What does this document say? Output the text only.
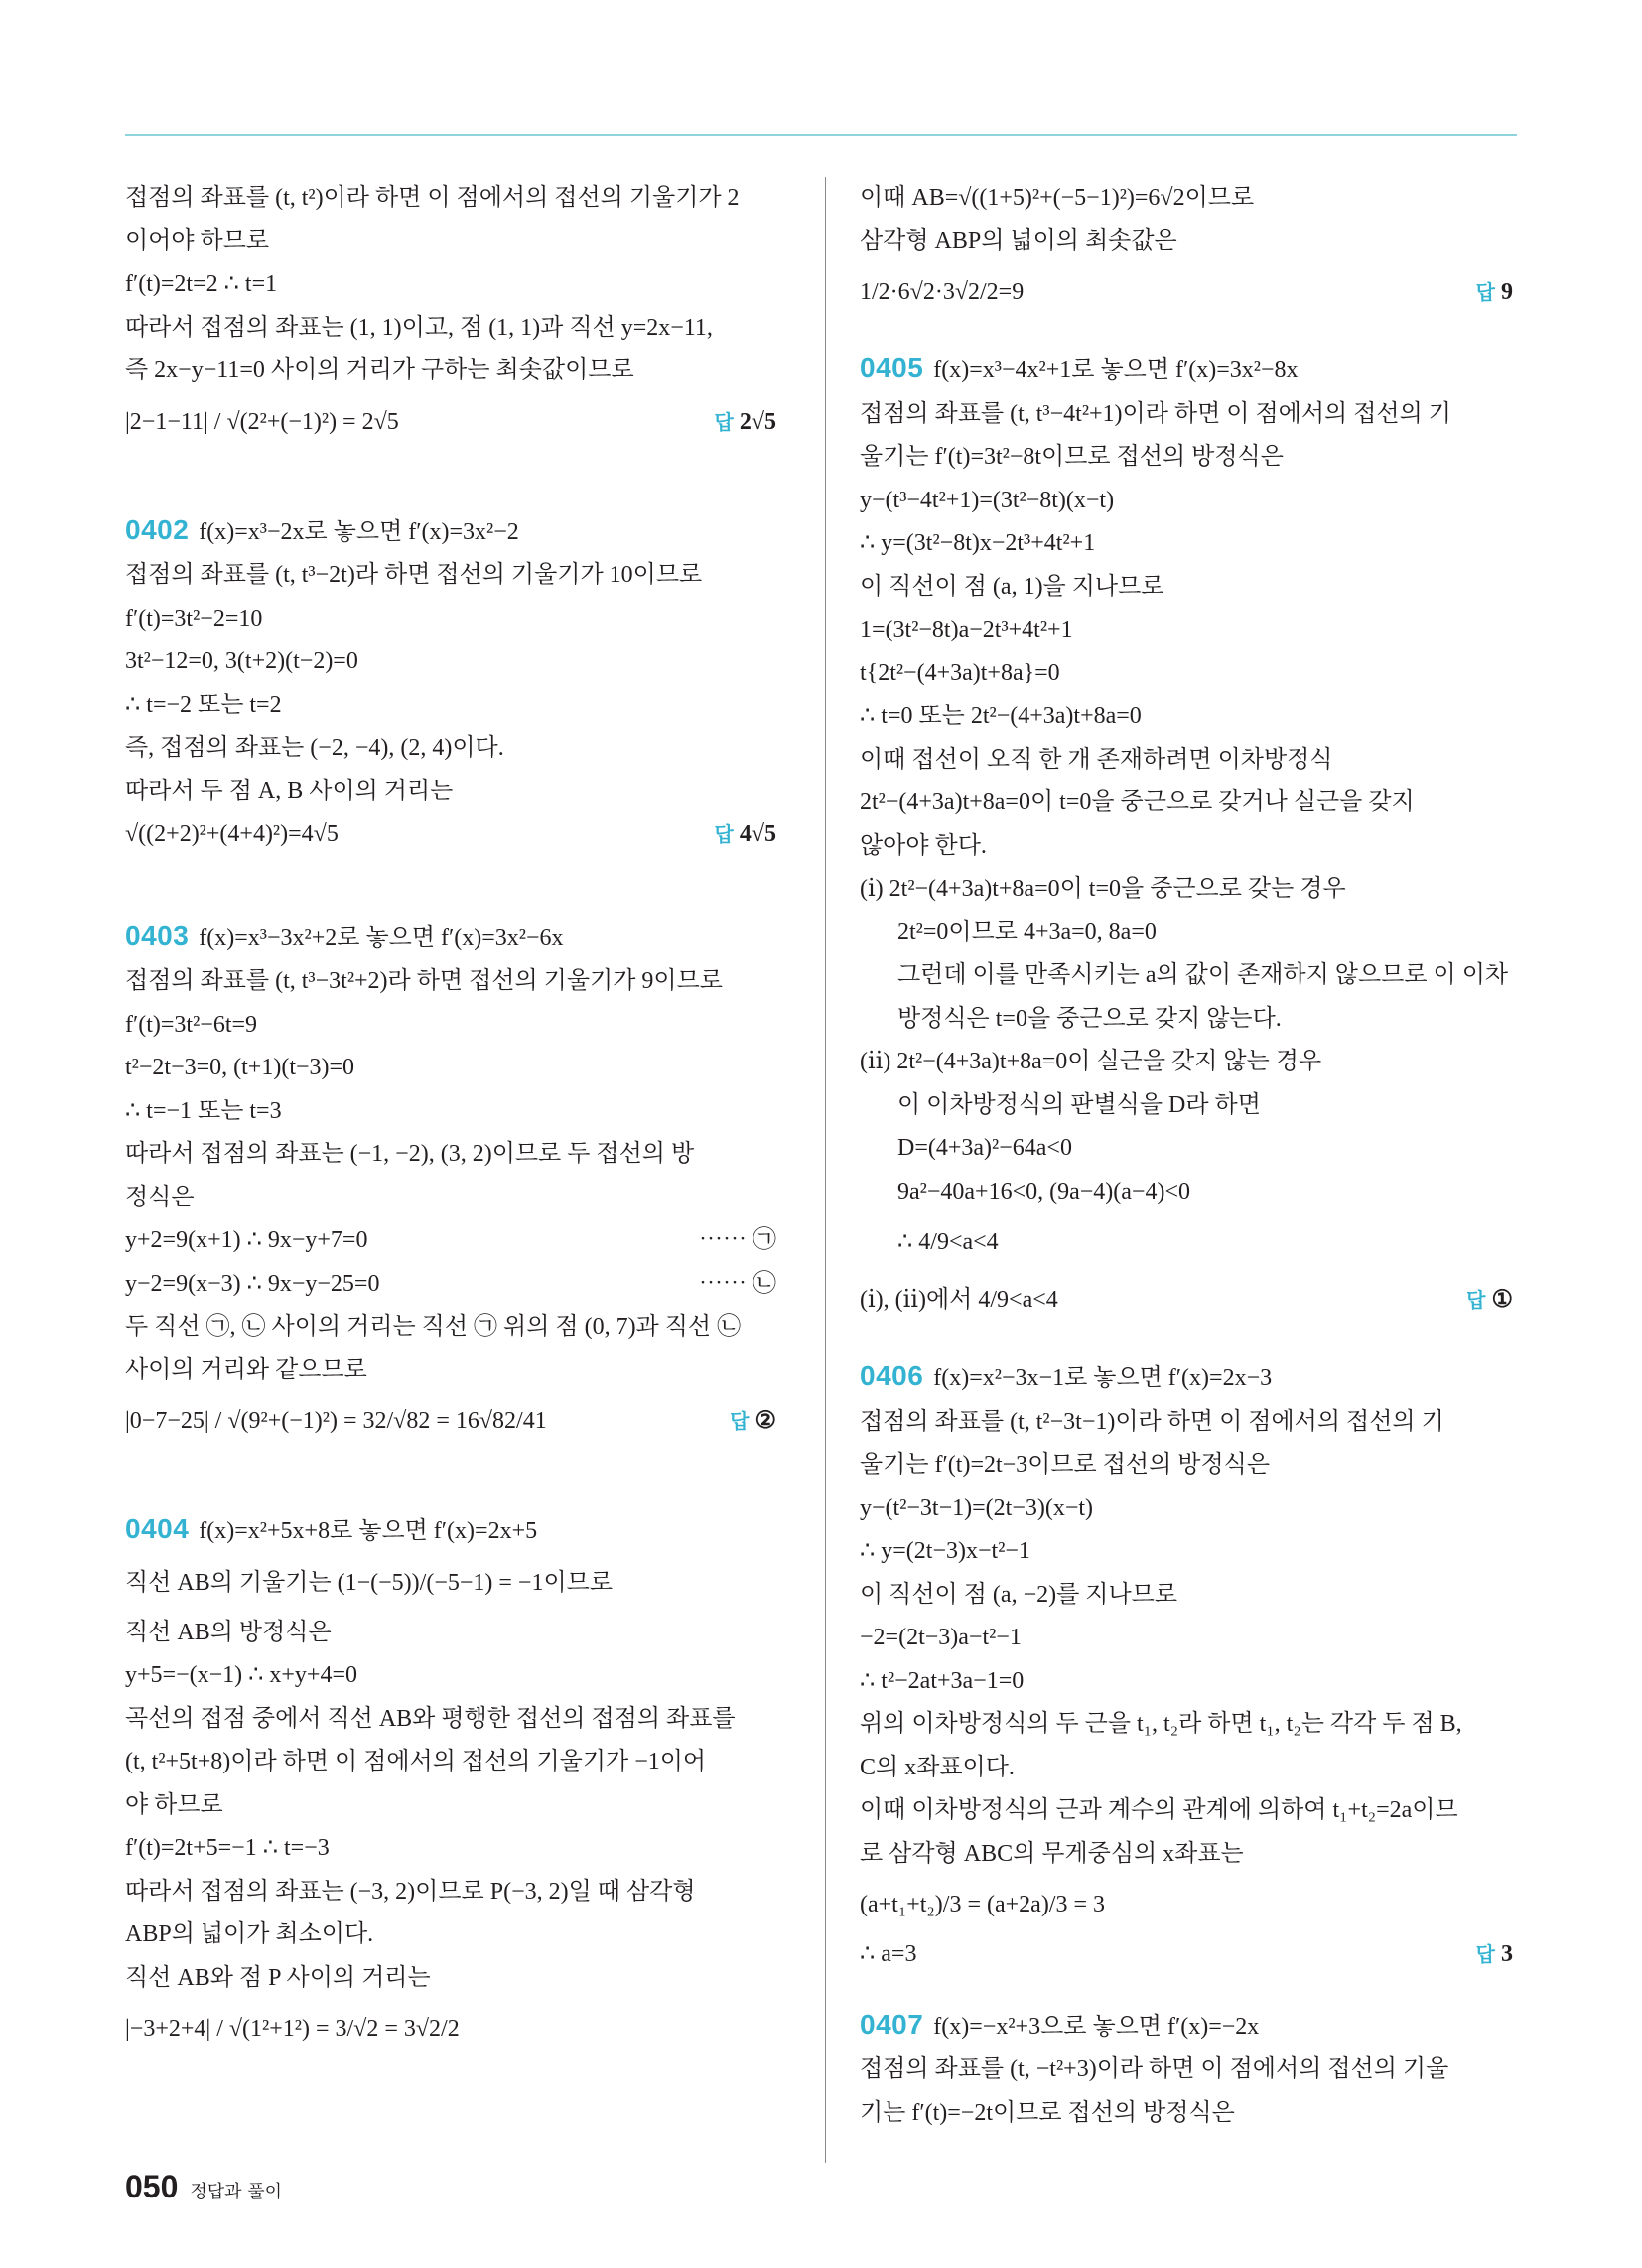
접점의 좌표를 (t, t²)이라 하면 이 점에서의 접선의 기울기가 2
이어야 하므로
f′(t)=2t=2 ∴ t=1
따라서 접점의 좌표는 (1, 1)이고, 점 (1, 1)과 직선 y=2x−11,
즉 2x−y−11=0 사이의 거리가 구하는 최솟값이므로
|2−1−11| / √(2²+(−1)²) = 2√5	답 2√5
0402 f(x)=x³−2x로 놓으면 f′(x)=3x²−2
접점의 좌표를 (t, t³−2t)라 하면 접선의 기울기가 10이므로
f′(t)=3t²−2=10
3t²−12=0, 3(t+2)(t−2)=0
∴ t=−2 또는 t=2
즉, 접점의 좌표는 (−2, −4), (2, 4)이다.
따라서 두 점 A, B 사이의 거리는
√((2+2)²+(4+4)²)=4√5	답 4√5
0403 f(x)=x³−3x²+2로 놓으면 f′(x)=3x²−6x
접점의 좌표를 (t, t³−3t²+2)라 하면 접선의 기울기가 9이므로
f′(t)=3t²−6t=9
t²−2t−3=0, (t+1)(t−3)=0
∴ t=−1 또는 t=3
따라서 접점의 좌표는 (−1, −2), (3, 2)이므로 두 접선의 방
정식은
y+2=9(x+1) ∴ 9x−y+7=0	⋯⋯ ㉠
y−2=9(x−3) ∴ 9x−y−25=0	⋯⋯ ㉡
두 직선 ㉠, ㉡ 사이의 거리는 직선 ㉠ 위의 점 (0, 7)과 직선 ㉡
사이의 거리와 같으므로
|0−7−25| / √(9²+(−1)²) = 32/√82 = 16√82/41	답 ②
0404 f(x)=x²+5x+8로 놓으면 f′(x)=2x+5
직선 AB의 기울기는 (1−(−5))/(−5−1) = −1이므로
직선 AB의 방정식은
y+5=−(x−1) ∴ x+y+4=0
곡선의 접점 중에서 직선 AB와 평행한 접선의 접점의 좌표를
(t, t²+5t+8)이라 하면 이 점에서의 접선의 기울기가 −1이어
야 하므로
f′(t)=2t+5=−1 ∴ t=−3
따라서 접점의 좌표는 (−3, 2)이므로 P(−3, 2)일 때 삼각형
ABP의 넓이가 최소이다.
직선 AB와 점 P 사이의 거리는
|−3+2+4| / √(1²+1²) = 3/√2 = 3√2/2
이때 AB=√((1+5)²+(−5−1)²)=6√2이므로
삼각형 ABP의 넓이의 최솟값은
1/2·6√2·3√2/2=9	답 9
0405 f(x)=x³−4x²+1로 놓으면 f′(x)=3x²−8x
접점의 좌표를 (t, t³−4t²+1)이라 하면 이 점에서의 접선의 기
울기는 f′(t)=3t²−8t이므로 접선의 방정식은
y−(t³−4t²+1)=(3t²−8t)(x−t)
∴ y=(3t²−8t)x−2t³+4t²+1
이 직선이 점 (a, 1)을 지나므로
1=(3t²−8t)a−2t³+4t²+1
t{2t²−(4+3a)t+8a}=0
∴ t=0 또는 2t²−(4+3a)t+8a=0
이때 접선이 오직 한 개 존재하려면 이차방정식
2t²−(4+3a)t+8a=0이 t=0을 중근으로 갖거나 실근을 갖지
않아야 한다.
(ⅰ) 2t²−(4+3a)t+8a=0이 t=0을 중근으로 갖는 경우
2t²=0이므로 4+3a=0, 8a=0
그런데 이를 만족시키는 a의 값이 존재하지 않으므로 이 이차
방정식은 t=0을 중근으로 갖지 않는다.
(ⅱ) 2t²−(4+3a)t+8a=0이 실근을 갖지 않는 경우
이 이차방정식의 판별식을 D라 하면
D=(4+3a)²−64a<0
9a²−40a+16<0, (9a−4)(a−4)<0
∴ 4/9<a<4
(ⅰ), (ⅱ)에서 4/9<a<4	답 ①
0406 f(x)=x²−3x−1로 놓으면 f′(x)=2x−3
접점의 좌표를 (t, t²−3t−1)이라 하면 이 점에서의 접선의 기
울기는 f′(t)=2t−3이므로 접선의 방정식은
y−(t²−3t−1)=(2t−3)(x−t)
∴ y=(2t−3)x−t²−1
이 직선이 점 (a, −2)를 지나므로
−2=(2t−3)a−t²−1
∴ t²−2at+3a−1=0
위의 이차방정식의 두 근을 t₁, t₂라 하면 t₁, t₂는 각각 두 점 B,
C의 x좌표이다.
이때 이차방정식의 근과 계수의 관계에 의하여 t₁+t₂=2a이므
로 삼각형 ABC의 무게중심의 x좌표는
(a+t₁+t₂)/3 = (a+2a)/3 = 3
∴ a=3	답 3
0407 f(x)=−x²+3으로 놓으면 f′(x)=−2x
접점의 좌표를 (t, −t²+3)이라 하면 이 점에서의 접선의 기울
기는 f′(t)=−2t이므로 접선의 방정식은
050 정답과 풀이
